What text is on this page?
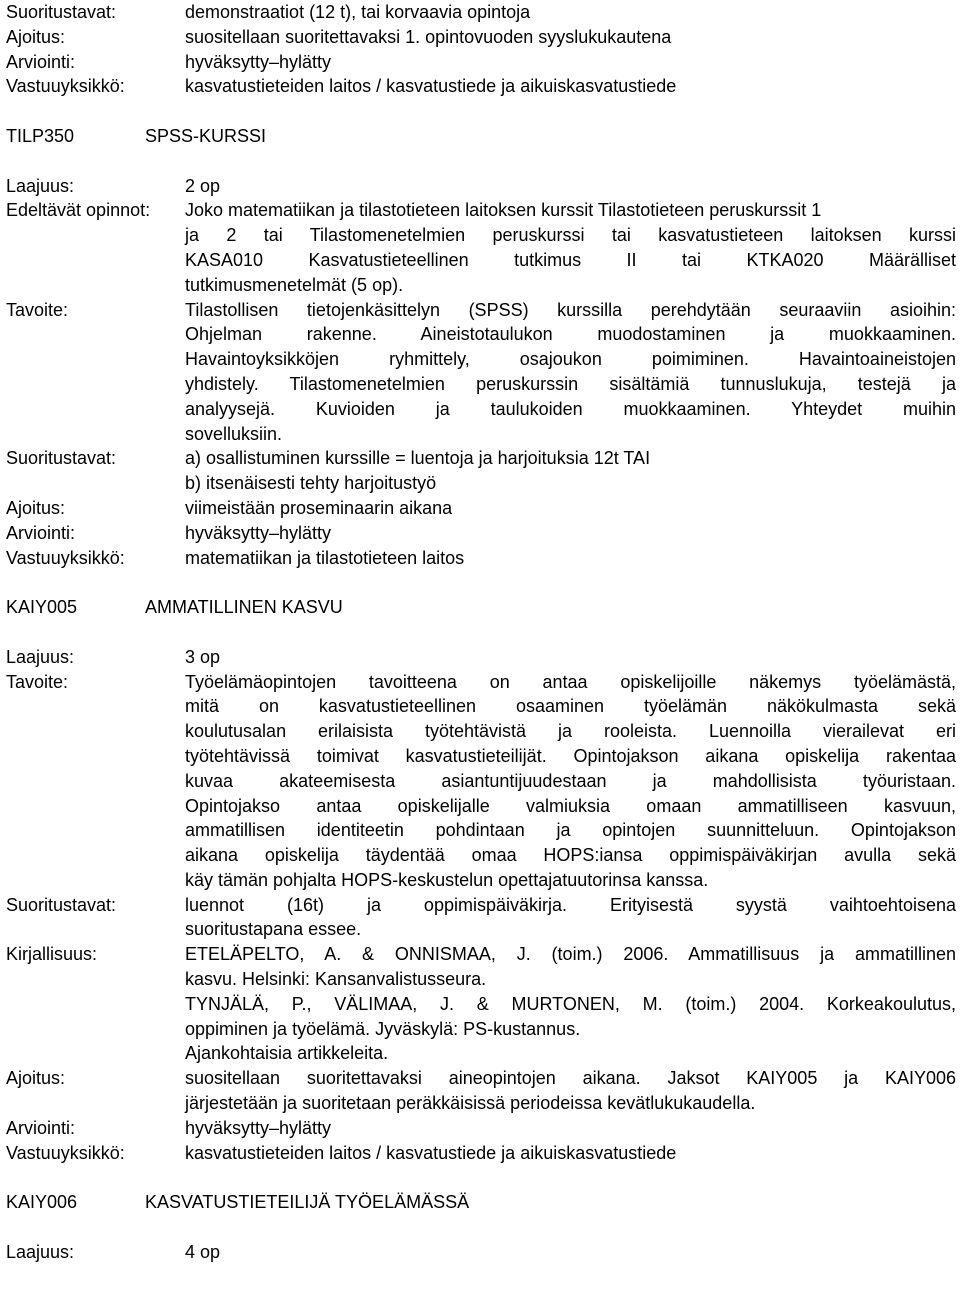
Suoritustavat:	demonstraatiot (12 t), tai korvaavia opintoja
Ajoitus:	suositellaan suoritettavaksi 1. opintovuoden syyslukukautena
Arviointi:	hyväksytty–hylätty
Vastuuyksikkö:	kasvatustieteiden laitos / kasvatustiede ja aikuiskasvatustiede
TILP350	SPSS-KURSSI
Laajuus:	2 op
Edeltävät opinnot:	Joko matematiikan ja tilastotieteen laitoksen kurssit Tilastotieteen peruskurssit 1
ja 2 tai Tilastomenetelmien peruskurssi tai kasvatustieteen laitoksen kurssi
KASA010 Kasvatustieteellinen tutkimus II tai KTKA020 Määrälliset
tutkimusmenetelmät (5 op).
Tavoite:	Tilastollisen tietojenkäsittelyn (SPSS) kurssilla perehdytään seuraaviin asioihin:
Ohjelman rakenne. Aineistotaulukon muodostaminen ja muokkaaminen.
Havaintoyksikköjen ryhmittely, osajoukon poimiminen. Havaintoaineistojen
yhdistely. Tilastomenetelmien peruskurssin sisältämiä tunnuslukuja, testejä ja
analyysejä. Kuvioiden ja taulukoiden muokkaaminen. Yhteydet muihin
sovelluksiin.
Suoritustavat:	a) osallistuminen kurssille = luentoja ja harjoituksia 12t TAI
b) itsenäisesti tehty harjoitustyö
Ajoitus:	viimeistään proseminaarin aikana
Arviointi:	hyväksytty–hylätty
Vastuuyksikkö:	matematiikan ja tilastotieteen laitos
KAIY005	AMMATILLINEN KASVU
Laajuus:	3 op
Tavoite:	Työelämäopintojen tavoitteena on antaa opiskelijoille näkemys työelämästä,
mitä on kasvatustieteellinen osaaminen työelämän näkökulmasta sekä
koulutusalan erilaisista työtehtävistä ja rooleista. Luennoilla vierailevat eri
työtehtävissä toimivat kasvatustieteilijät. Opintojakson aikana opiskelija rakentaa
kuvaa akateemisesta asiantuntijuudestaan ja mahdollisista työuristaan.
Opintojakso antaa opiskelijalle valmiuksia omaan ammatilliseen kasvuun,
ammatillisen identiteetin pohdintaan ja opintojen suunnitteluun. Opintojakson
aikana opiskelija täydentää omaa HOPS:iansa oppimispäiväkirjan avulla sekä
käy tämän pohjalta HOPS-keskustelun opettajatuutorinsa kanssa.
Suoritustavat:	luennot (16t) ja oppimispäiväkirja. Erityisestä syystä vaihtoehtoisena
suoritustapana essee.
Kirjallisuus:	ETELÄPELTO, A. & ONNISMAA, J. (toim.) 2006. Ammatillisuus ja ammatillinen
kasvu. Helsinki: Kansanvalistusseura.
TYNJÄLÄ, P., VÄLIMAA, J. & MURTONEN, M. (toim.) 2004. Korkeakoulutus,
oppiminen ja työelämä. Jyväskylä: PS-kustannus.
Ajankohtaisia artikkeleita.
Ajoitus:	suositellaan suoritettavaksi aineopintojen aikana. Jaksot KAIY005 ja KAIY006
järjestetään ja suoritetaan peräkkäisissä periodeissa kevätlukukaudella.
Arviointi:	hyväksytty–hylätty
Vastuuyksikkö:	kasvatustieteiden laitos / kasvatustiede ja aikuiskasvatustiede
KAIY006	KASVATUSTIETEILIJÄ TYÖELÄMÄSSÄ
Laajuus:	4 op
